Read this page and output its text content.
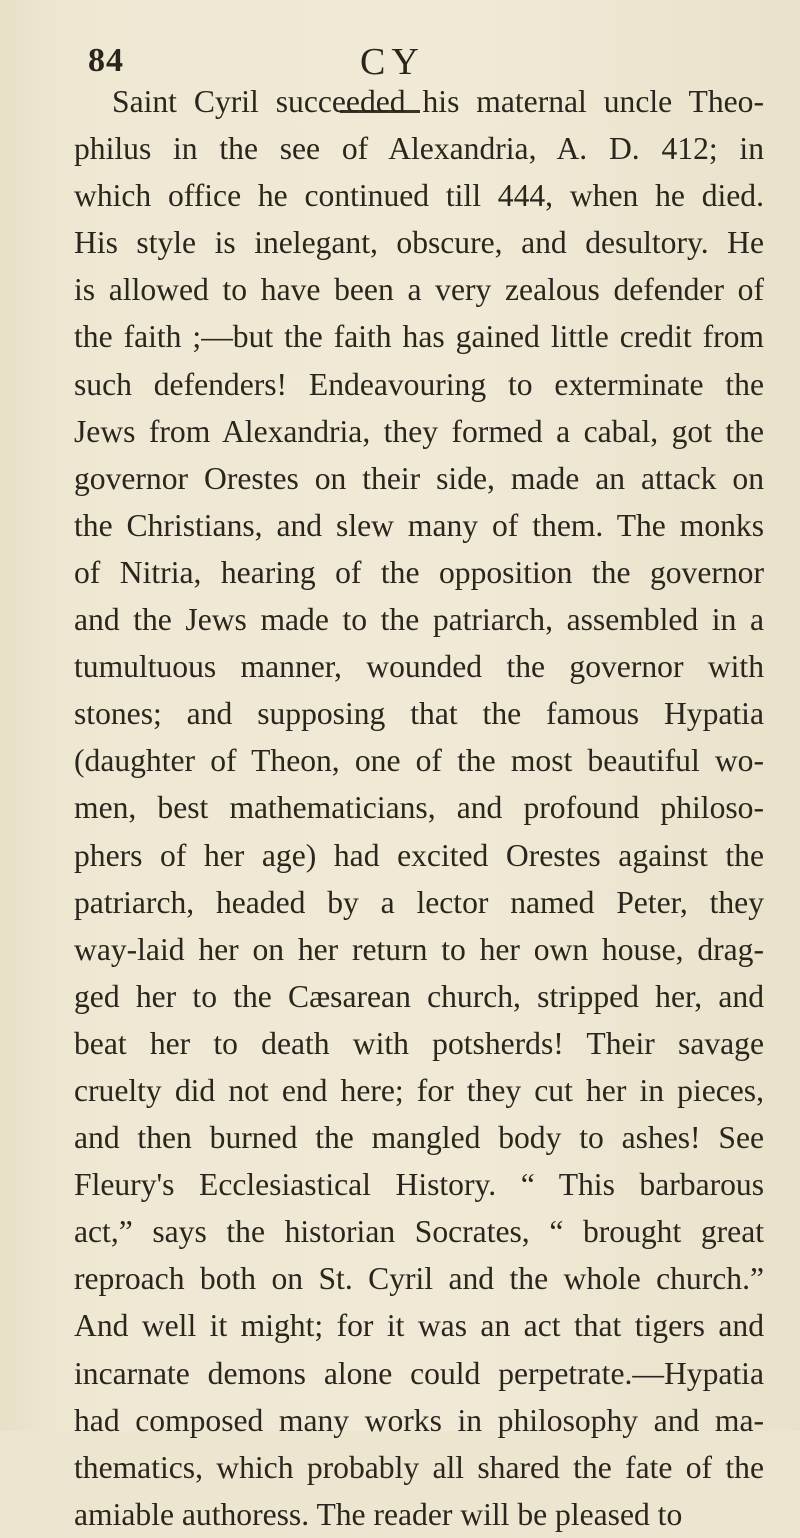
84	CY
Saint Cyril succeeded his maternal uncle Theo-
philus in the see of Alexandria, A. D. 412; in
which office he continued till 444, when he died.
His style is inelegant, obscure, and desultory. He
is allowed to have been a very zealous defender of
the faith ;—but the faith has gained little credit from
such defenders! Endeavouring to exterminate the
Jews from Alexandria, they formed a cabal, got the
governor Orestes on their side, made an attack on
the Christians, and slew many of them. The monks
of Nitria, hearing of the opposition the governor
and the Jews made to the patriarch, assembled in a
tumultuous manner, wounded the governor with
stones; and supposing that the famous Hypatia
(daughter of Theon, one of the most beautiful wo-
men, best mathematicians, and profound philoso-
phers of her age) had excited Orestes against the
patriarch, headed by a lector named Peter, they
way-laid her on her return to her own house, drag-
ged her to the Cæsarean church, stripped her, and
beat her to death with potsherds! Their savage
cruelty did not end here; for they cut her in pieces,
and then burned the mangled body to ashes! See
Fleury's Ecclesiastical History. “ This barbarous
act,” says the historian Socrates, “ brought great
reproach both on St. Cyril and the whole church.”
And well it might; for it was an act that tigers and
incarnate demons alone could perpetrate.—Hypatia
had composed many works in philosophy and ma-
thematics, which probably all shared the fate of the
amiable authoress. The reader will be pleased to
